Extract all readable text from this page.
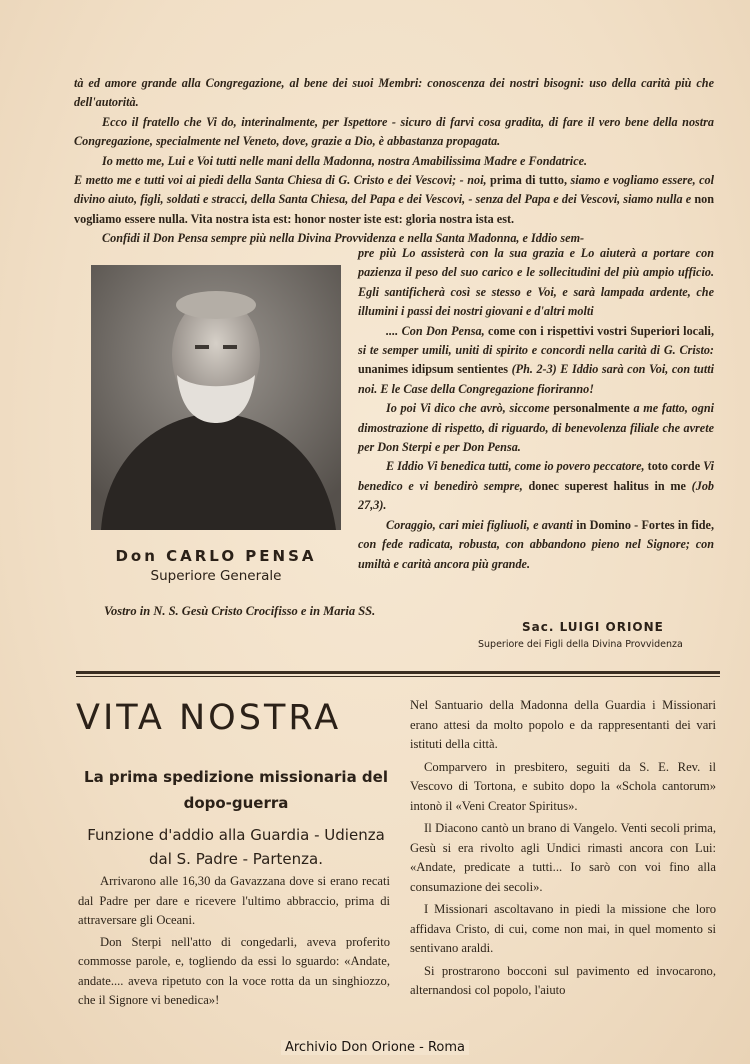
tà ed amore grande alla Congregazione, al bene dei suoi Membri: conoscenza dei nostri bisogni: uso della carità più che dell'autorità.

Ecco il fratello che Vi do, interinalmente, per Ispettore - sicuro di farvi cosa gradita, di fare il vero bene della nostra Congregazione, specialmente nel Veneto, dove, grazie a Dio, è abbastanza propagata.

Io metto me, Lui e Voi tutti nelle mani della Madonna, nostra Amabilissima Madre e Fondatrice.

E metto me e tutti voi ai piedi della Santa Chiesa di G. Cristo e dei Vescovi; - noi, prima di tutto, siamo e vogliamo essere, col divino aiuto, figli, soldati e stracci, della Santa Chiesa, del Papa e dei Vescovi, - senza del Papa e dei Vescovi, siamo nulla e non vogliamo essere nulla. Vita nostra ista est: honor noster iste est: gloria nostra ista est.

Confidi il Don Pensa sempre più nella Divina Provvidenza e nella Santa Madonna, e Iddio sem-

Don CARLO PENSA
Superiore Generale

pre più Lo assisterà con la sua grazia e Lo aiuterà a portare con pazienza il peso del suo carico e le sollecitudini del più ampio ufficio. Egli santificherà così se stesso e Voi, e sarà lampada ardente, che illumini i passi dei nostri giovani e d'altri molti

.... Con Don Pensa, come con i rispettivi vostri Superiori locali, si te semper umili, uniti di spirito e concordi nella carità di G. Cristo: unanimes idipsum sentientes (Ph. 2-3) E Iddio sarà con Voi, con tutti noi. E le Case della Congregazione fioriranno!

Io poi Vi dico che avrò, siccome personalmente a me fatto, ogni dimostrazione di rispetto, di riguardo, di benevolenza filiale che avrete per Don Sterpi e per Don Pensa.

E Iddio Vi benedica tutti, come io povero peccatore, toto corde Vi benedico e vi benedirò sempre, donec superest halitus in me (Job 27,3).

Coraggio, cari miei figliuoli, e avanti in Domino - Fortes in fide, con fede radicata, robusta, con abbandono pieno nel Signore; con umiltà e carità ancora più grande.

Vostro in N. S. Gesù Cristo Crocifisso e in Maria SS.
Sac. LUIGI ORIONE
Superiore dei Figli della Divina Provvidenza
VITA NOSTRA
La prima spedizione missionaria del dopo-guerra
Funzione d'addio alla Guardia - Udienza dal S. Padre - Partenza.

Arrivarono alle 16,30 da Gavazzana dove si erano recati dal Padre per dare e ricevere l'ultimo abbraccio, prima di attraversare gli Oceani.

Don Sterpi nell'atto di congedarli, aveva proferito commosse parole, e, togliendo da essi lo sguardo: «Andate, andate.... aveva ripetuto con la voce rotta da un singhiozzo, che il Signore vi benedica»!

Nel Santuario della Madonna della Guardia i Missionari erano attesi da molto popolo e da rappresentanti dei vari istituti della città.

Comparvero in presbitero, seguiti da S. E. Rev. il Vescovo di Tortona, e subito dopo la «Schola cantorum» intonò il «Veni Creator Spiritus».

Il Diacono cantò un brano di Vangelo. Venti secoli prima, Gesù si era rivolto agli Undici rimasti ancora con Lui: «Andate, predicate a tutti... Io sarò con voi fino alla consumazione dei secoli».

I Missionari ascoltavano in piedi la missione che loro affidava Cristo, di cui, come non mai, in quel momento si sentivano araldi.

Si prostrarono bocconi sul pavimento ed invocarono, alternandosi col popolo, l'aiuto

Archivio Don Orione - Roma
